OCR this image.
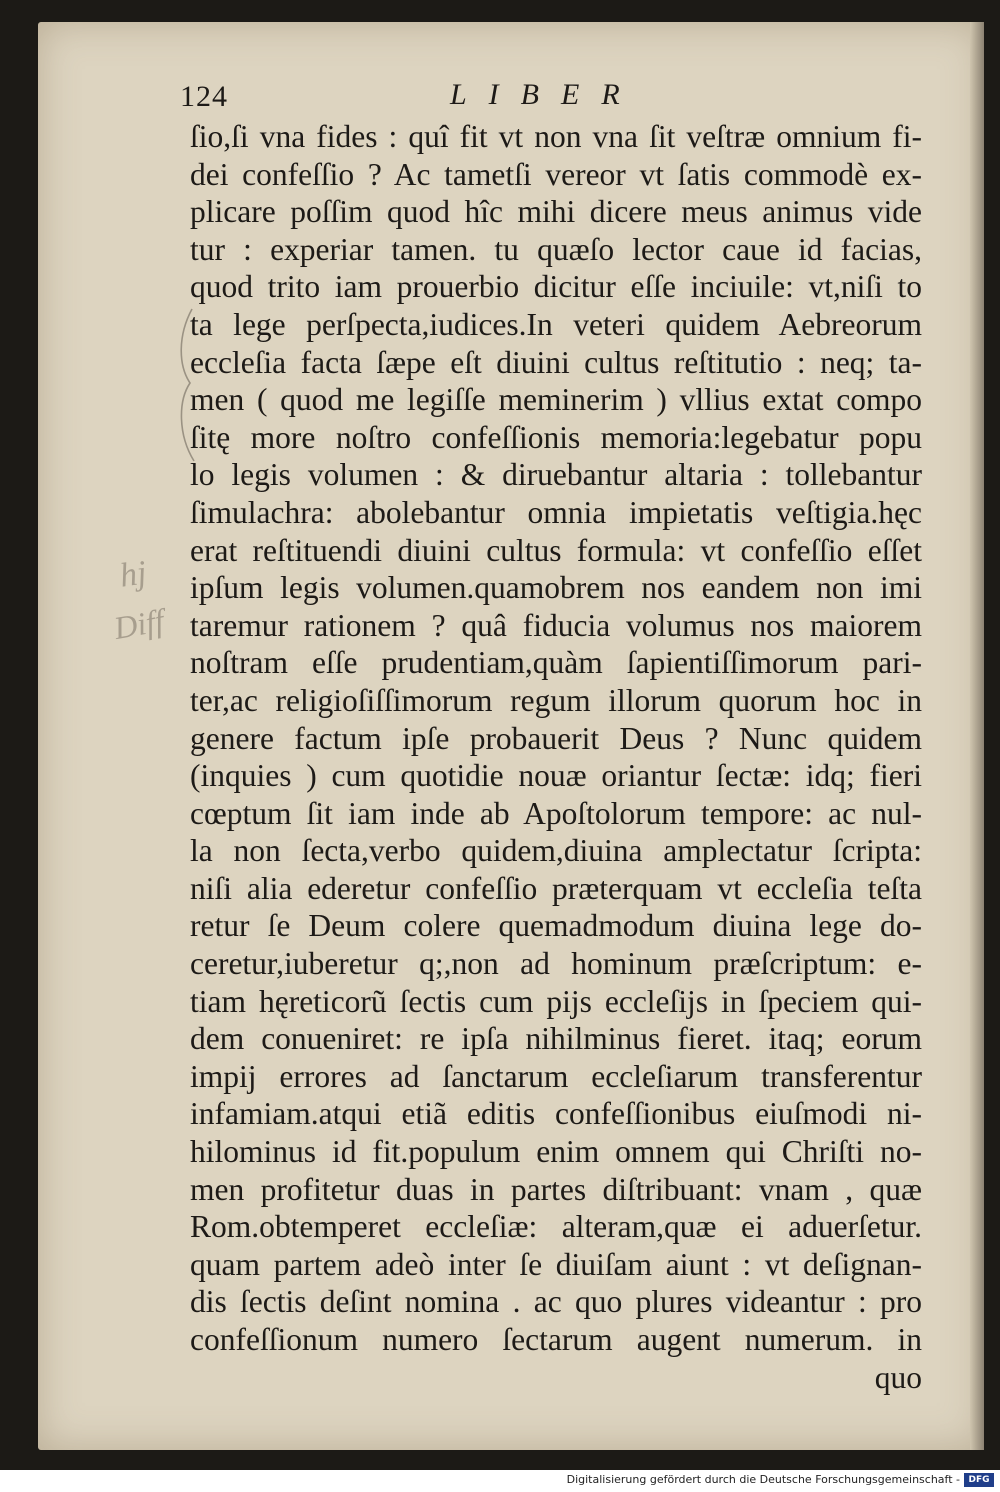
124	LIBER
hj
Diff
ſio,ſi vna fides : quî fit vt non vna ſit veſtræ omnium fi-
dei confeſſio ? Ac tametſi vereor vt ſatis commodè ex-
plicare poſſim quod hîc mihi dicere meus animus vide
tur : experiar tamen. tu quæſo lector caue id facias,
quod trito iam prouerbio dicitur eſſe inciuile: vt,niſi to
ta lege perſpecta,iudices.In veteri quidem Aebreorum
eccleſia facta ſæpe eſt diuini cultus reſtitutio : neq; ta-
men ( quod me legiſſe meminerim ) vllius extat compo
ſitę more noſtro confeſſionis memoria:legebatur popu
lo legis volumen : & diruebantur altaria : tollebantur
ſimulachra: abolebantur omnia impietatis veſtigia.hęc
erat reſtituendi diuini cultus formula: vt confeſſio eſſet
ipſum legis volumen.quamobrem nos eandem non imi
taremur rationem ? quâ fiducia volumus nos maiorem
noſtram eſſe prudentiam,quàm ſapientiſſimorum pari-
ter,ac religioſiſſimorum regum illorum quorum hoc in
genere factum ipſe probauerit Deus ? Nunc quidem
(inquies ) cum quotidie nouæ oriantur ſectæ: idq; fieri
cœptum ſit iam inde ab Apoſtolorum tempore: ac nul-
la non ſecta,verbo quidem,diuina amplectatur ſcripta:
niſi alia ederetur confeſſio præterquam vt eccleſia teſta
retur ſe Deum colere quemadmodum diuina lege do-
ceretur,iuberetur q;,non ad hominum præſcriptum: e-
tiam hęreticorũ ſectis cum pijs eccleſijs in ſpeciem qui-
dem conueniret: re ipſa nihilminus fieret. itaq; eorum
impij errores ad ſanctarum eccleſiarum transferentur
infamiam.atqui etiã editis confeſſionibus eiuſmodi ni-
hilominus id fit.populum enim omnem qui Chriſti no-
men profitetur duas in partes diſtribuant: vnam , quæ
Rom.obtemperet eccleſiæ: alteram,quæ ei aduerſetur.
quam partem adeò inter ſe diuiſam aiunt : vt deſignan-
dis ſectis deſint nomina . ac quo plures videantur : pro
confeſſionum numero ſectarum augent numerum. in
quo
Digitalisierung gefördert durch die Deutsche Forschungsgemeinschaft - DFG
